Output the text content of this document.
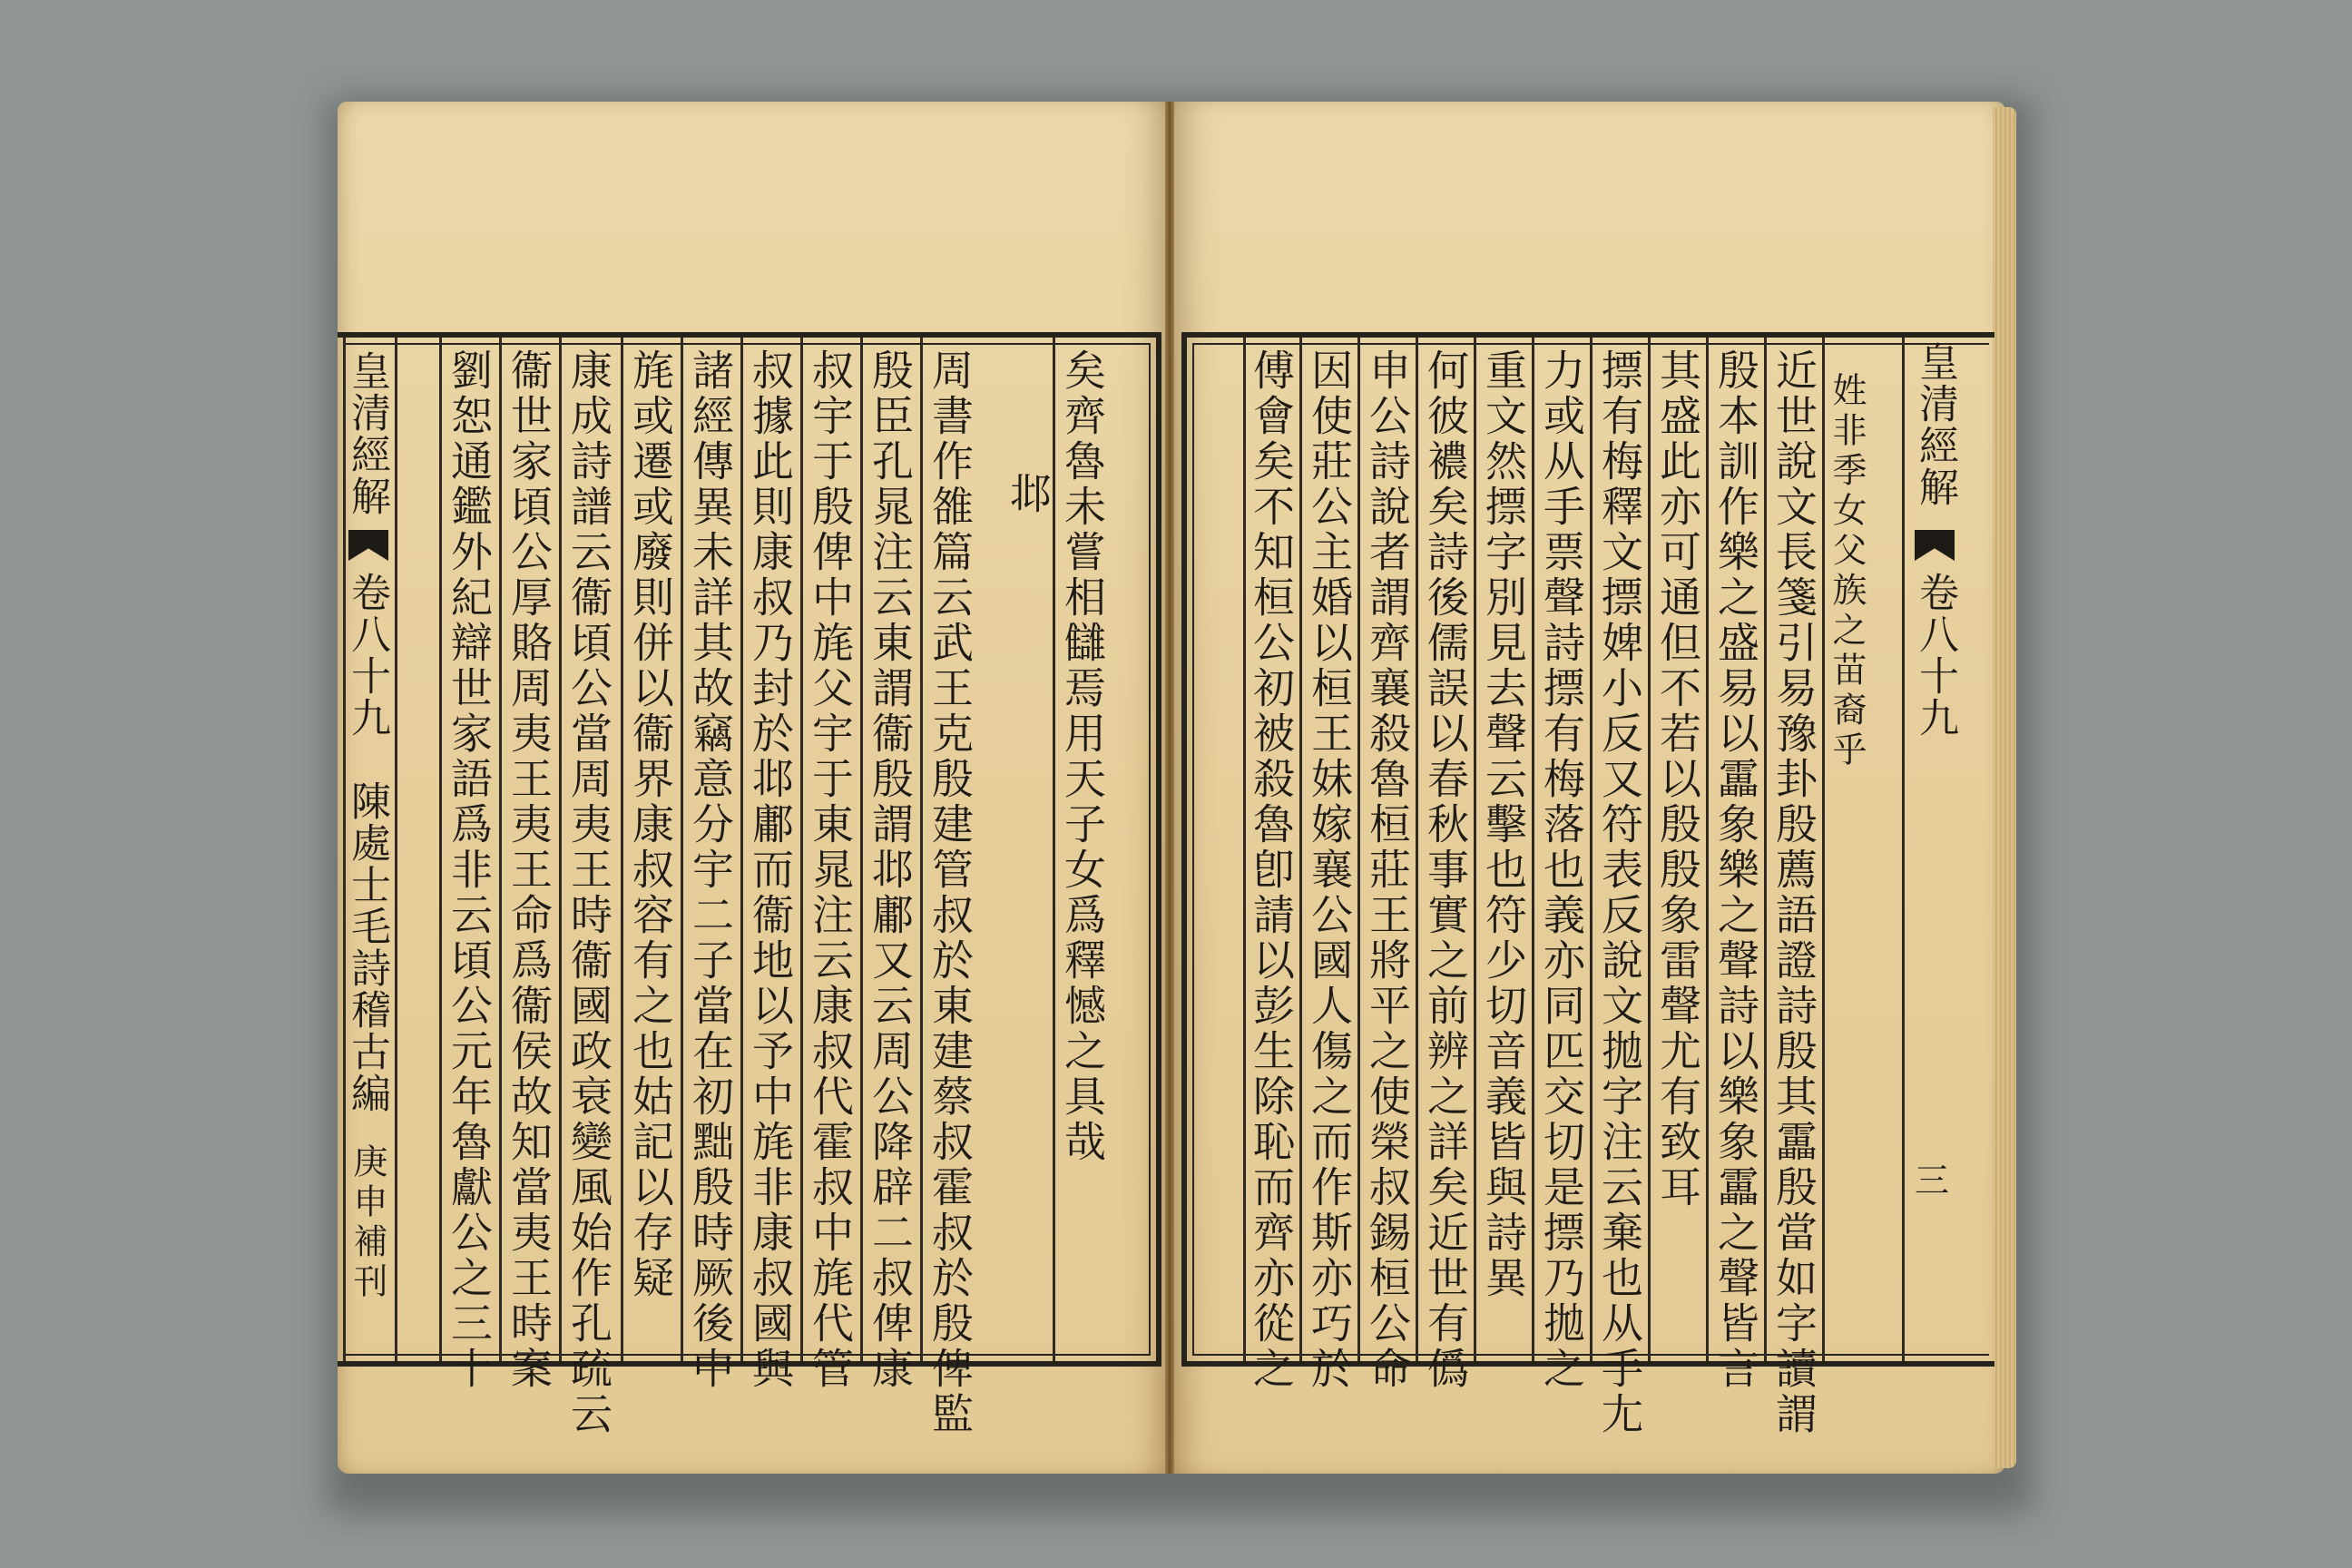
皇清經解
卷八十九
陳處士毛詩稽古編
庚申補刊
矣齊魯未嘗相讎焉用天子女爲釋憾之具哉
邶
周書作雒篇云武王克殷建管叔於東建蔡叔霍叔於殷俾監
殷臣孔晁注云東謂衞殷謂邶鄘又云周公降辟二叔俾康
叔宇于殷俾中旄父宇于東晁注云康叔代霍叔中旄代管
叔據此則康叔乃封於邶鄘而衞地以予中旄非康叔國與
諸經傳異未詳其故竊意分宇二子當在初黜殷時厥後中
旄或遷或廢則併以衞界康叔容有之也姑記以存疑
康成詩譜云衞頃公當周夷王時衞國政衰變風始作孔疏云
衞世家頃公厚賂周夷王夷王命爲衞侯故知當夷王時案
劉恕通鑑外紀辯世家語爲非云頃公元年魯獻公之三十	皇清經解
卷八十九
三
姓非季女父族之苗裔乎
近世說文長箋引易豫卦殷薦語證詩殷其靁殷當如字讀謂
殷本訓作樂之盛易以靁象樂之聲詩以樂象靁之聲皆言
其盛此亦可通但不若以殷殷象雷聲尤有致耳
摽有梅釋文摽婢小反又符表反說文拋字注云棄也从手尢
力或从手票聲詩摽有梅落也義亦同匹交切是摽乃拋之
重文然摽字別見去聲云擊也符少切音義皆與詩異
何彼襛矣詩後儒誤以春秋事實之前辨之詳矣近世有僞
申公詩說者謂齊襄殺魯桓莊王將平之使榮叔錫桓公命
因使莊公主婚以桓王妹嫁襄公國人傷之而作斯亦巧於
傅會矣不知桓公初被殺魯卽請以彭生除恥而齊亦從之
